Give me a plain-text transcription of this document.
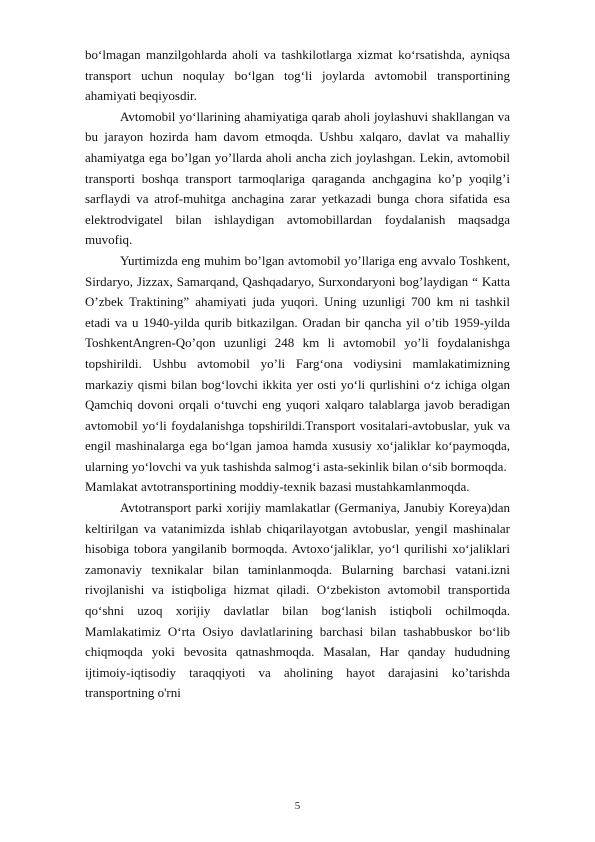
bo‘lmagan manzilgohlarda aholi va tashkilotlarga xizmat ko‘rsatishda, ayniqsa transport uchun noqulay bo‘lgan tog‘li joylarda avtomobil transportining ahamiyati beqiyosdir.

Avtomobil yo‘llarining ahamiyatiga qarab aholi joylashuvi shakllangan va bu jarayon hozirda ham davom etmoqda. Ushbu xalqaro, davlat va mahalliy ahamiyatga ega bo’lgan yo’llarda aholi ancha zich joylashgan. Lekin, avtomobil transporti boshqa transport tarmoqlariga qaraganda anchgagina ko’p yoqilg’i sarflaydi va atrof-muhitga anchagina zarar yetkazadi bunga chora sifatida esa elektrodvigatel bilan ishlaydigan avtomobillardan foydalanish maqsadga muvofiq.

Yurtimizda eng muhim bo’lgan avtomobil yo’llariga eng avvalo Toshkent, Sirdaryo, Jizzax, Samarqand, Qashqadaryo, Surxondaryoni bog’laydigan “ Katta O’zbek Traktining” ahamiyati juda yuqori. Uning uzunligi 700 km ni tashkil etadi va u 1940-yilda qurib bitkazilgan. Oradan bir qancha yil o’tib 1959-yilda ToshkentAngren-Qo’qon uzunligi 248 km li avtomobil yo’li foydalanishga topshirildi. Ushbu avtomobil yo’li Farg‘ona vodiysini mamlakatimizning markaziy qismi bilan bog‘lovchi ikkita yer osti yo‘li qurlishini o‘z ichiga olgan Qamchiq dovoni orqali o‘tuvchi eng yuqori xalqaro talablarga javob beradigan avtomobil yo‘li foydalanishga topshirildi.Transport vositalari-avtobuslar, yuk va engil mashinalarga ega bo‘lgan jamoa hamda xususiy xo‘jaliklar ko‘paymoqda, ularning yo‘lovchi va yuk tashishda salmog‘i asta-sekinlik bilan o‘sib bormoqda.

Mamlakat avtotransportining moddiy-texnik bazasi mustahkamlanmoqda.

Avtotransport parki xorijiy mamlakatlar (Germaniya, Janubiy Koreya)dan keltirilgan va vatanimizda ishlab chiqarilayotgan avtobuslar, yengil mashinalar hisobiga tobora yangilanib bormoqda. Avtoxo‘jaliklar, yo‘l qurilishi xo‘jaliklari zamonaviy texnikalar bilan taminlanmoqda. Bularning barchasi vatani.izni rivojlanishi va istiqboliga hizmat qiladi. O‘zbekiston avtomobil transportida qo‘shni uzoq xorijiy davlatlar bilan bog‘lanish istiqboli ochilmoqda. Mamlakatimiz O‘rta Osiyo davlatlarining barchasi bilan tashabbuskor bo‘lib chiqmoqda yoki bevosita qatnashmoqda. Masalan, Har qanday hududning ijtimoiy-iqtisodiy taraqqiyoti va aholining hayot darajasini ko’tarishda transportning o'rni

5
